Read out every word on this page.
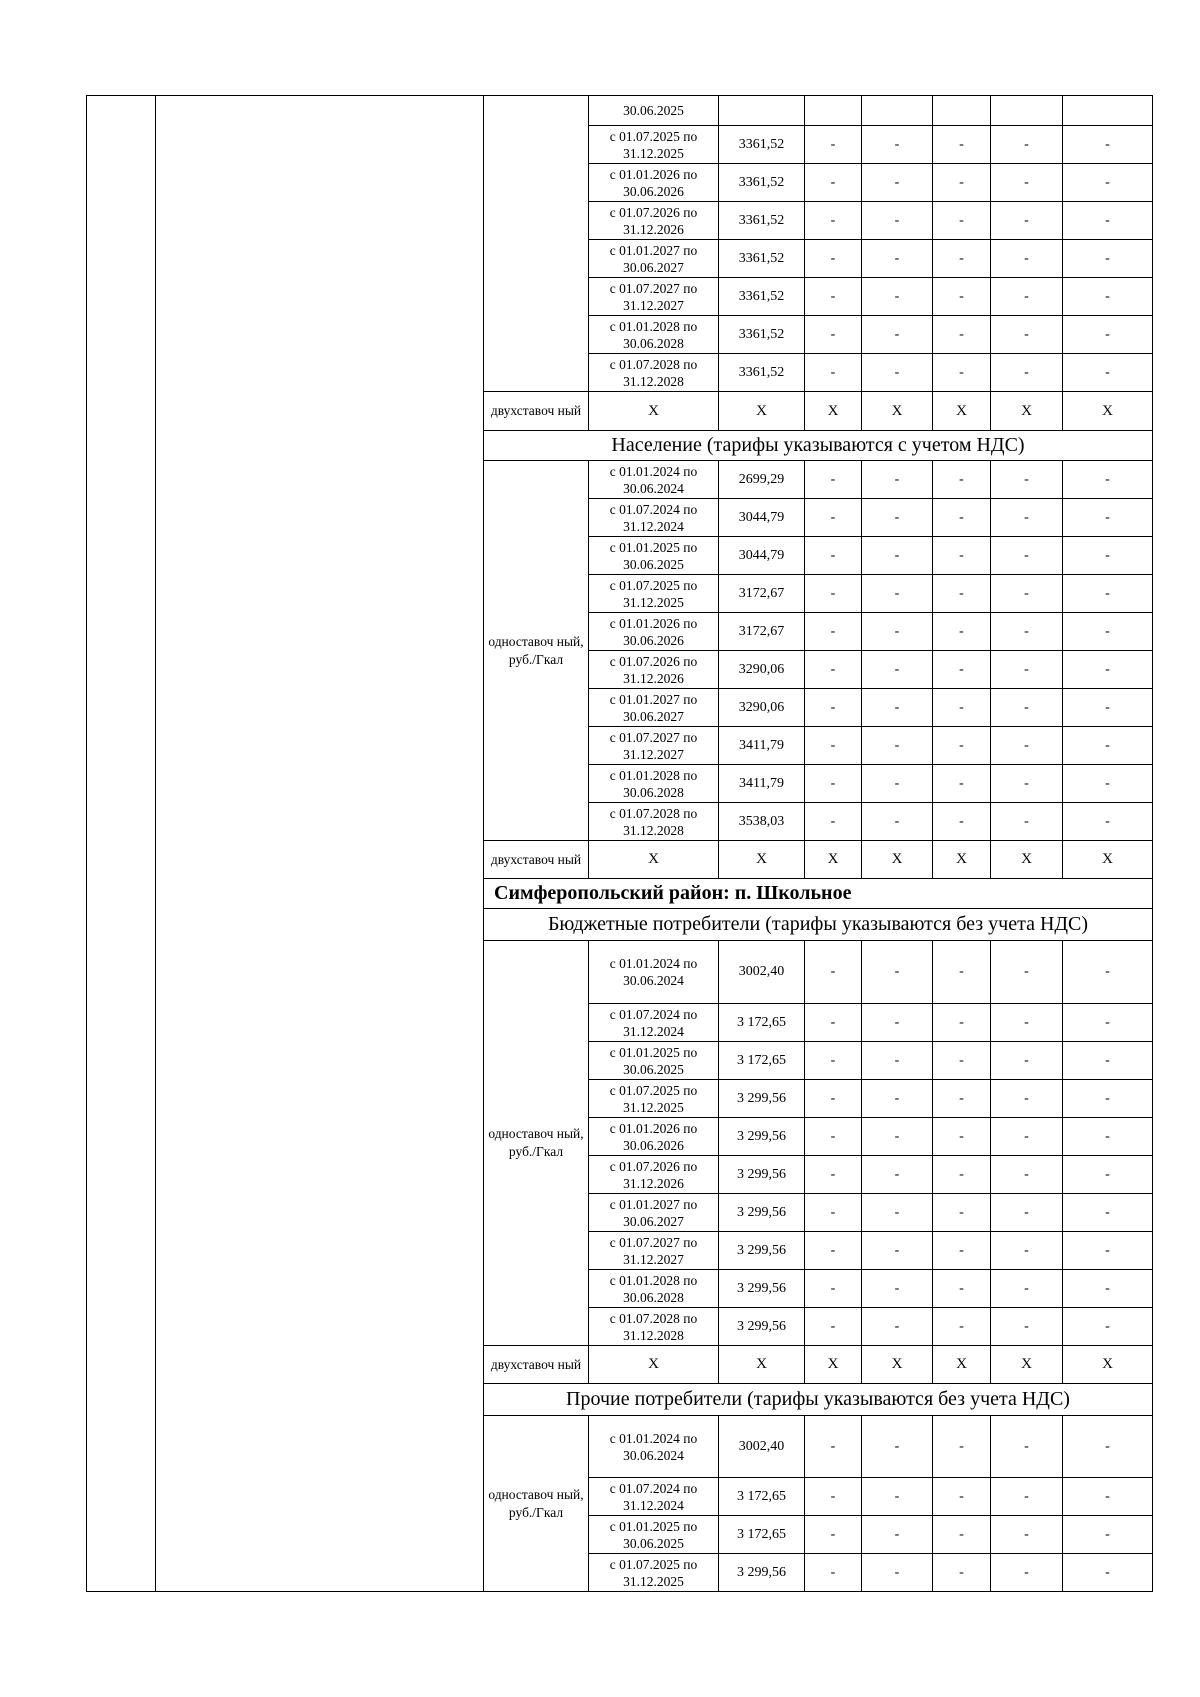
			30.06.2025						
			с 01.07.2025 по 31.12.2025	3361,52	-	-	-	-	-
			с 01.01.2026 по 30.06.2026	3361,52	-	-	-	-	-
			с 01.07.2026 по 31.12.2026	3361,52	-	-	-	-	-
			с 01.01.2027 по 30.06.2027	3361,52	-	-	-	-	-
			с 01.07.2027 по 31.12.2027	3361,52	-	-	-	-	-
			с 01.01.2028 по 30.06.2028	3361,52	-	-	-	-	-
			с 01.07.2028 по 31.12.2028	3361,52	-	-	-	-	-
		двухставоч ный	Х	Х	Х	Х	Х	Х	Х
		Население (тарифы указываются с учетом НДС)							
		одноставоч ный, руб./Гкал	с 01.01.2024 по 30.06.2024	2699,29	-	-	-	-	-
			с 01.07.2024 по 31.12.2024	3044,79	-	-	-	-	-
			с 01.01.2025 по 30.06.2025	3044,79	-	-	-	-	-
			с 01.07.2025 по 31.12.2025	3172,67	-	-	-	-	-
			с 01.01.2026 по 30.06.2026	3172,67	-	-	-	-	-
			с 01.07.2026 по 31.12.2026	3290,06	-	-	-	-	-
			с 01.01.2027 по 30.06.2027	3290,06	-	-	-	-	-
			с 01.07.2027 по 31.12.2027	3411,79	-	-	-	-	-
			с 01.01.2028 по 30.06.2028	3411,79	-	-	-	-	-
			с 01.07.2028 по 31.12.2028	3538,03	-	-	-	-	-
		двухставоч ный	Х	Х	Х	Х	Х	Х	Х
		Симферопольский район: п. Школьное							
		Бюджетные потребители (тарифы указываются без учета НДС)							
		одноставоч ный, руб./Гкал	с 01.01.2024 по 30.06.2024	3002,40	-	-	-	-	-
			с 01.07.2024 по 31.12.2024	3 172,65	-	-	-	-	-
			с 01.01.2025 по 30.06.2025	3 172,65	-	-	-	-	-
			с 01.07.2025 по 31.12.2025	3 299,56	-	-	-	-	-
			с 01.01.2026 по 30.06.2026	3 299,56	-	-	-	-	-
			с 01.07.2026 по 31.12.2026	3 299,56	-	-	-	-	-
			с 01.01.2027 по 30.06.2027	3 299,56	-	-	-	-	-
			с 01.07.2027 по 31.12.2027	3 299,56	-	-	-	-	-
			с 01.01.2028 по 30.06.2028	3 299,56	-	-	-	-	-
			с 01.07.2028 по 31.12.2028	3 299,56	-	-	-	-	-
		двухставоч ный	Х	Х	Х	Х	Х	Х	Х
		Прочие потребители (тарифы указываются без учета НДС)							
		одноставоч ный, руб./Гкал	с 01.01.2024 по 30.06.2024	3002,40	-	-	-	-	-
			с 01.07.2024 по 31.12.2024	3 172,65	-	-	-	-	-
			с 01.01.2025 по 30.06.2025	3 172,65	-	-	-	-	-
			с 01.07.2025 по 31.12.2025	3 299,56	-	-	-	-	-
